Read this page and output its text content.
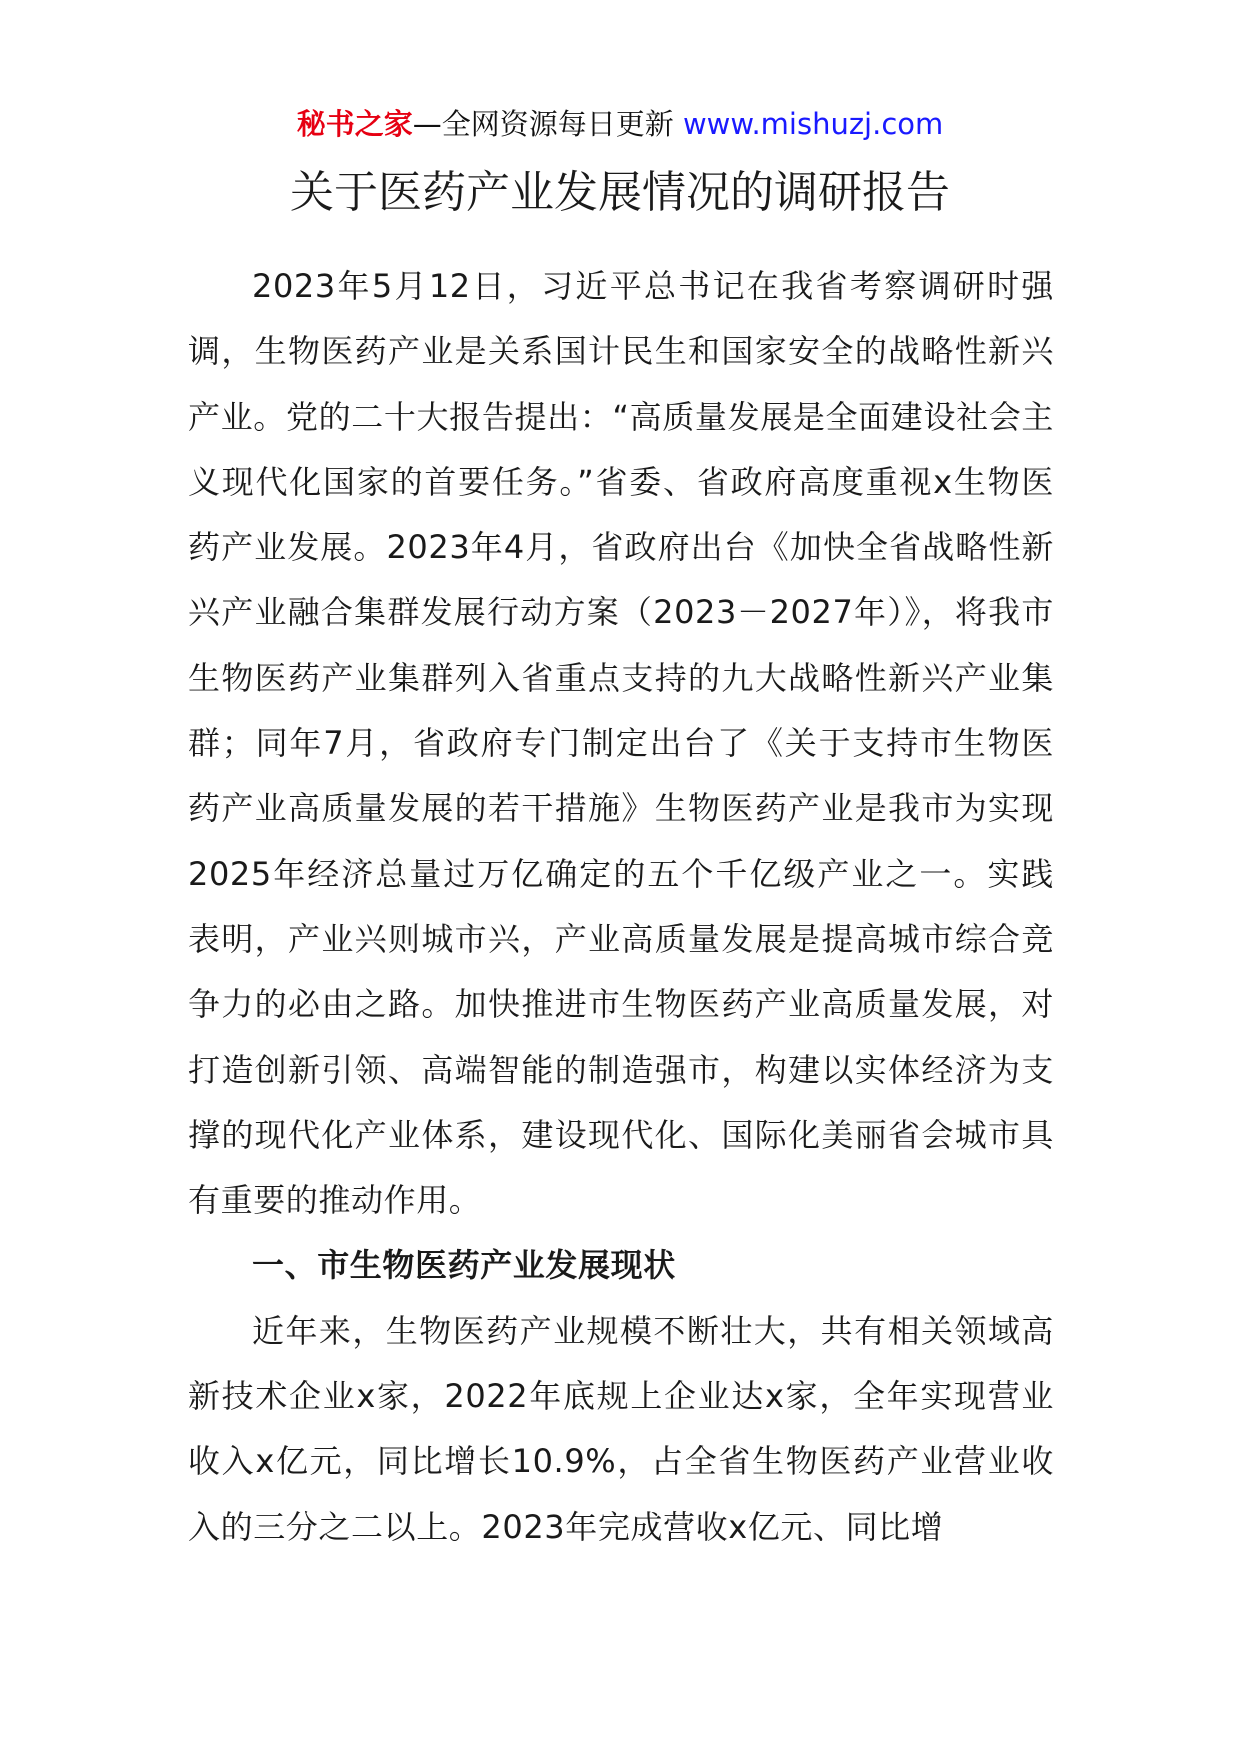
秘书之家—全网资源每日更新 www.mishuzj.com
关于医药产业发展情况的调研报告

2023年5月12日，习近平总书记在我省考察调研时强调，生物医药产业是关系国计民生和国家安全的战略性新兴产业。党的二十大报告提出：“高质量发展是全面建设社会主义现代化国家的首要任务。”省委、省政府高度重视x生物医药产业发展。2023年4月，省政府出台《加快全省战略性新兴产业融合集群发展行动方案（2023－2027年）》，将我市生物医药产业集群列入省重点支持的九大战略性新兴产业集群；同年7月，省政府专门制定出台了《关于支持市生物医药产业高质量发展的若干措施》生物医药产业是我市为实现2025年经济总量过万亿确定的五个千亿级产业之一。实践表明，产业兴则城市兴，产业高质量发展是提高城市综合竞争力的必由之路。加快推进市生物医药产业高质量发展，对打造创新引领、高端智能的制造强市，构建以实体经济为支撑的现代化产业体系，建设现代化、国际化美丽省会城市具有重要的推动作用。

一、市生物医药产业发展现状

近年来，生物医药产业规模不断壮大，共有相关领域高新技术企业x家，2022年底规上企业达x家，全年实现营业收入x亿元，同比增长10.9%，占全省生物医药产业营业收入的三分之二以上。2023年完成营收x亿元、同比增
